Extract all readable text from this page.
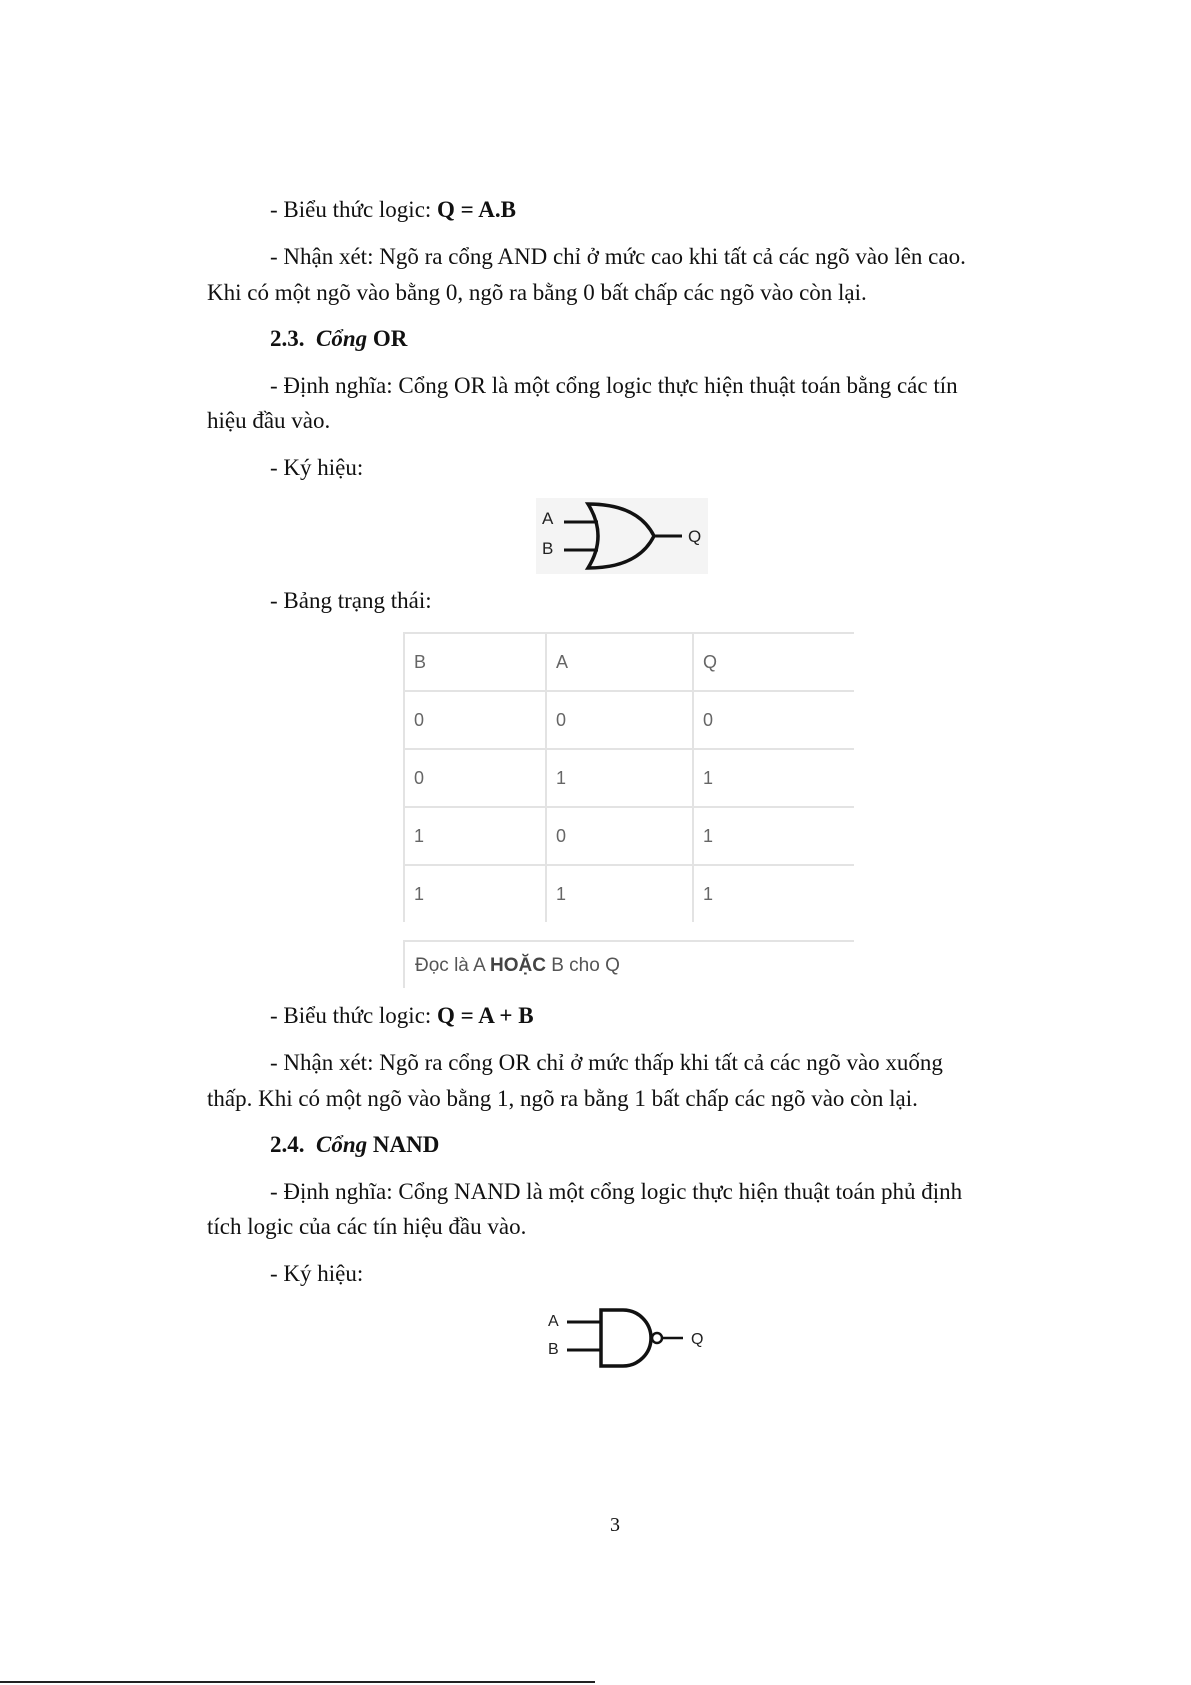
- Biểu thức logic: Q = A.B
- Nhận xét: Ngõ ra cổng AND chỉ ở mức cao khi tất cả các ngõ vào lên cao.
Khi có một ngõ vào bằng 0, ngõ ra bằng 0 bất chấp các ngõ vào còn lại.
2.3. Cổng OR
- Định nghĩa: Cổng OR là một cổng logic thực hiện thuật toán bằng các tín
hiệu đầu vào.
- Ký hiệu:
A
B
Q
- Bảng trạng thái:
B	A	Q
0	0	0
0	1	1
1	0	1
1	1	1
Đọc là A HOẶC B cho Q
- Biểu thức logic: Q = A + B
- Nhận xét: Ngõ ra cổng OR chỉ ở mức thấp khi tất cả các ngõ vào xuống
thấp. Khi có một ngõ vào bằng 1, ngõ ra bằng 1 bất chấp các ngõ vào còn lại.
2.4. Cổng NAND
- Định nghĩa: Cổng NAND là một cổng logic thực hiện thuật toán phủ định
tích logic của các tín hiệu đầu vào.
- Ký hiệu:
A
B
Q
3
